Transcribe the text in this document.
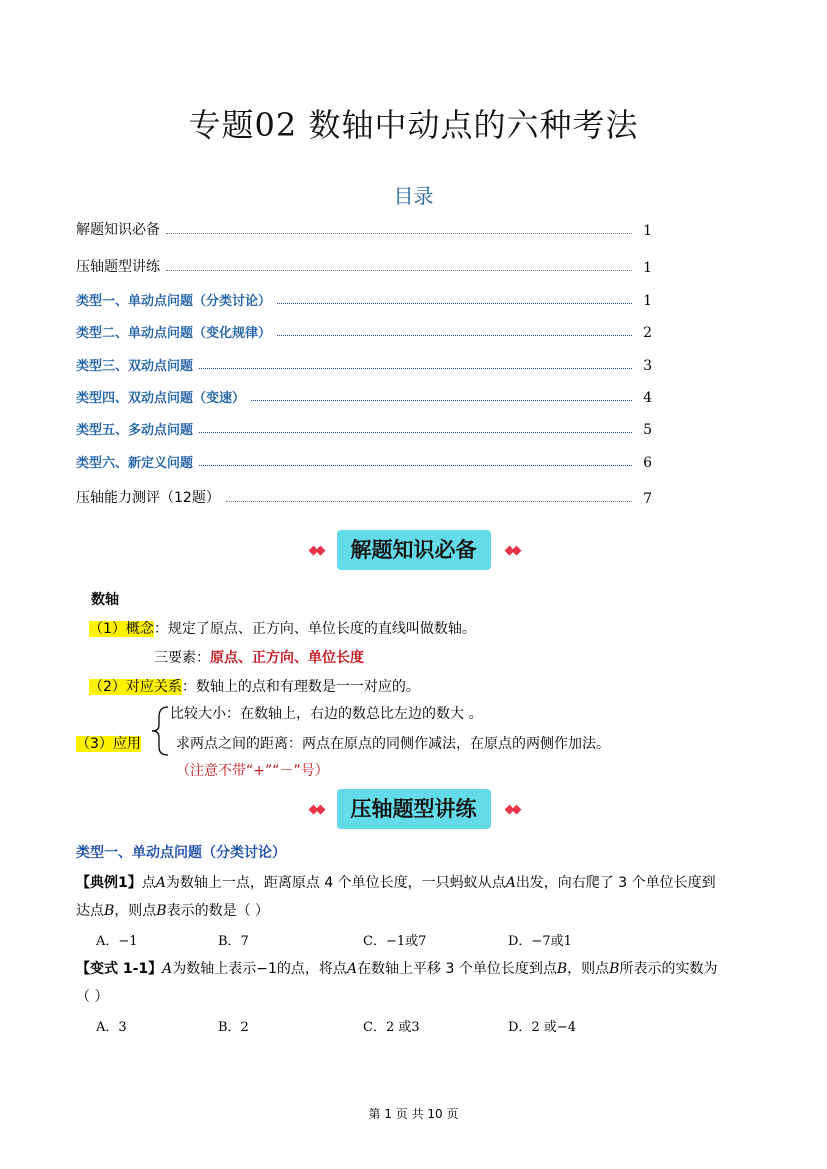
专题02 数轴中动点的六种考法
目录
解题知识必备	1
压轴题型讲练	1
类型一、单动点问题（分类讨论）	1
类型二、单动点问题（变化规律）	2
类型三、双动点问题	3
类型四、双动点问题（变速）	4
类型五、多动点问题	5
类型六、新定义问题	6
压轴能力测评（12题）	7
◆◆	解题知识必备	◆◆
数轴
（1）概念：规定了原点、正方向、单位长度的直线叫做数轴。
三要素：原点、正方向、单位长度
（2）对应关系：数轴上的点和有理数是一一对应的。
（3）应用
比较大小：在数轴上，右边的数总比左边的数大 。
求两点之间的距离：两点在原点的同侧作减法，在原点的两侧作加法。
（注意不带“+”“－”号）
◆◆	压轴题型讲练	◆◆
类型一、单动点问题（分类讨论）
【典例1】点A为数轴上一点，距离原点 4 个单位长度，一只蚂蚁从点A出发，向右爬了 3 个单位长度到
达点B，则点B表示的数是（ ）
A．−1	B．7	C．−1或7	D．−7或1
【变式 1-1】A为数轴上表示−1的点，将点A在数轴上平移 3 个单位长度到点B，则点B所表示的实数为
（ ）
A．3	B．2	C．2 或3	D．2 或−4
第 1 页 共 10 页
